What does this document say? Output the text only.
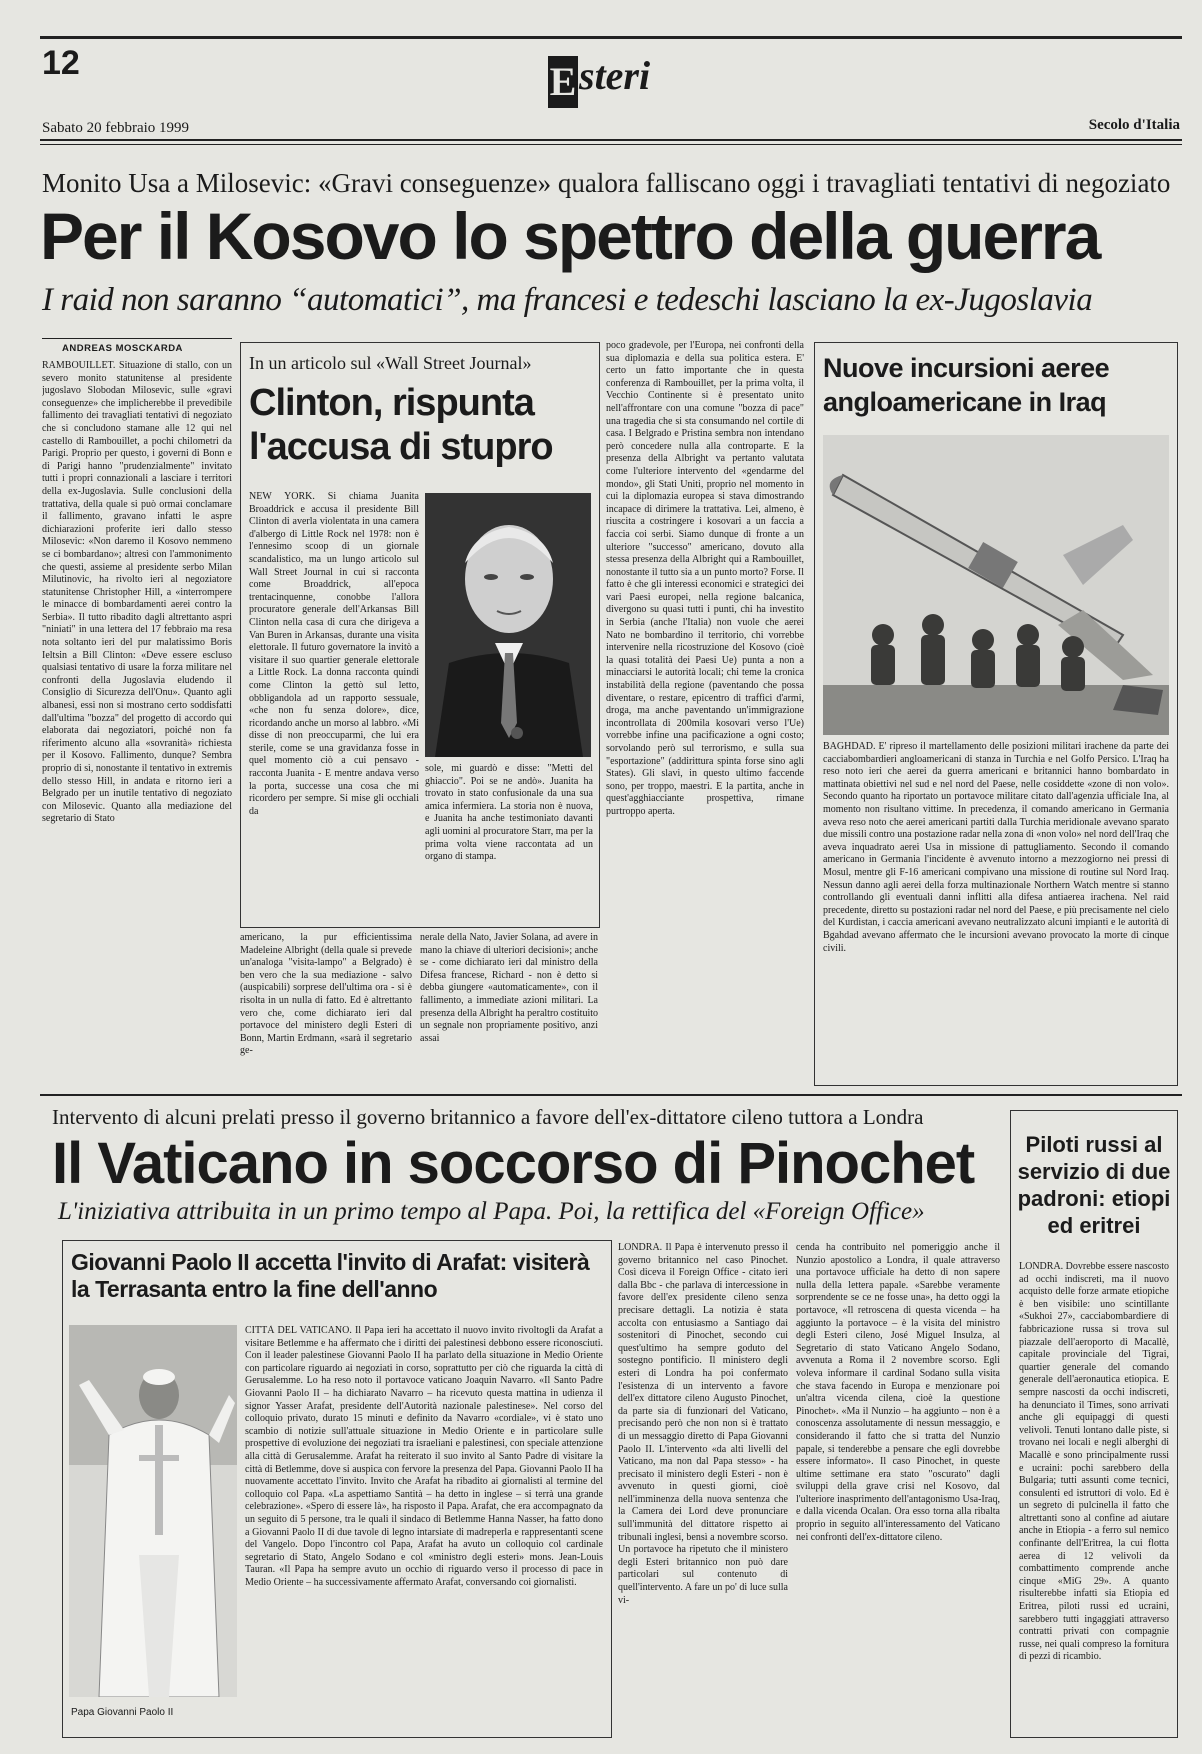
12	Esteri
Sabato 20 febbraio 1999	Secolo d'Italia
Monito Usa a Milosevic: «Gravi conseguenze» qualora falliscano oggi i travagliati tentativi di negoziato
Per il Kosovo lo spettro della guerra
I raid non saranno “automatici”, ma francesi e tedeschi lasciano la ex-Jugoslavia
ANDREAS MOSCKARDA
RAMBOUILLET. Situazione di stallo, con un severo monito statunitense al presidente jugoslavo Slobodan Milosevic, sulle «gravi conseguenze» che implicherebbe il prevedibile fallimento dei travagliati tentativi di negoziato che si concludono stamane alle 12 qui nel castello di Rambouillet, a pochi chilometri da Parigi. Proprio per questo, i governi di Bonn e di Parigi hanno "prudenzialmente" invitato tutti i propri connazionali a lasciare i territori della ex-Jugoslavia. Sulle conclusioni della trattativa, della quale si può ormai conclamare il fallimento, gravano infatti le aspre dichiarazioni proferite ieri dallo stesso Milosevic: «Non daremo il Kosovo nemmeno se ci bombardano»; altresì con l'ammonimento che questi, assieme al presidente serbo Milan Milutinovic, ha rivolto ieri al negoziatore statunitense Christopher Hill, a «interrompere le minacce di bombardamenti aerei contro la Serbia». Il tutto ribadito dagli altrettanto aspri "niniati" in una lettera del 17 febbraio ma resa nota soltanto ieri del pur malatissimo Boris Ieltsin a Bill Clinton: «Deve essere escluso qualsiasi tentativo di usare la forza militare nel confronti della Jugoslavia eludendo il Consiglio di Sicurezza dell'Onu». Quanto agli albanesi, essi non si mostrano certo soddisfatti dall'ultima "bozza" del progetto di accordo qui elaborata dai negoziatori, poiché non fa riferimento alcuno alla «sovranità» richiesta per il Kosovo. Fallimento, dunque? Sembra proprio di sì, nonostante il tentativo in extremis dello stesso Hill, in andata e ritorno ieri a Belgrado per un inutile tentativo di negoziato con Milosevic. Quanto alla mediazione del segretario di Stato
In un articolo sul «Wall Street Journal»
Clinton, rispunta l'accusa di stupro
NEW YORK. Si chiama Juanita Broaddrick e accusa il presidente Bill Clinton di averla violentata in una camera d'albergo di Little Rock nel 1978: non è l'ennesimo scoop di un giornale scandalistico, ma un lungo articolo sul Wall Street Journal in cui si racconta come Broaddrick, all'epoca trentacinquenne, conobbe l'allora procuratore generale dell'Arkansas Bill Clinton nella casa di cura che dirigeva a Van Buren in Arkansas, durante una visita elettorale. Il futuro governatore la invitò a visitare il suo quartier generale elettorale a Little Rock. La donna racconta quindi come Clinton la gettò sul letto, obbligandola ad un rapporto sessuale, «che non fu senza dolore», dice, ricordando anche un morso al labbro. «Mi disse di non preoccuparmi, che lui era sterile, come se una gravidanza fosse in quel momento ciò a cui pensavo - racconta Juanita - E mentre andava verso la porta, successe una cosa che mi ricordero per sempre. Si mise gli occhiali da
sole, mi guardò e disse: "Metti del ghiaccio". Poi se ne andò». Juanita ha trovato in stato confusionale da una sua amica infermiera. La storia non è nuova, e Juanita ha anche testimoniato davanti agli uomini al procuratore Starr, ma per la prima volta viene raccontata ad un organo di stampa.
americano, la pur efficientissima Madeleine Albright (della quale si prevede un'analoga "visita-lampo" a Belgrado) è ben vero che la sua mediazione - salvo (auspicabili) sorprese dell'ultima ora - si è risolta in un nulla di fatto. Ed è altrettanto vero che, come dichiarato ieri dal portavoce del ministero degli Esteri di Bonn, Martin Erdmann, «sarà il segretario ge-
nerale della Nato, Javier Solana, ad avere in mano la chiave di ulteriori decisioni»; anche se - come dichiarato ieri dal ministro della Difesa francese, Richard - non è detto si debba giungere «automaticamente», con il fallimento, a immediate azioni militari. La presenza della Albright ha peraltro costituito un segnale non propriamente positivo, anzi assai
poco gradevole, per l'Europa, nei confronti della sua diplomazia e della sua politica estera. E' certo un fatto importante che in questa conferenza di Rambouillet, per la prima volta, il Vecchio Continente si è presentato unito nell'affrontare con una comune "bozza di pace" una tragedia che si sta consumando nel cortile di casa. I Belgrado e Pristina sembra non intendano però concedere nulla alla controparte. E la presenza della Albright va pertanto valutata come l'ulteriore intervento del «gendarme del mondo», gli Stati Uniti, proprio nel momento in cui la diplomazia europea si stava dimostrando incapace di dirimere la trattativa. Lei, almeno, è riuscita a costringere i kosovari a un faccia a faccia coi serbi. Siamo dunque di fronte a un ulteriore "successo" americano, dovuto alla stessa presenza della Albright qui a Rambouillet, nonostante il tutto sia a un punto morto? Forse. Il fatto è che gli interessi economici e strategici dei vari Paesi europei, nella regione balcanica, divergono su quasi tutti i punti, chi ha investito in Serbia (anche l'Italia) non vuole che aerei Nato ne bombardino il territorio, chi vorrebbe intervenire nella ricostruzione del Kosovo (cioè la quasi totalità dei Paesi Ue) punta a non a minacciarsi le autorità locali; chi teme la cronica instabilità della regione (paventando che possa diventare, o restare, epicentro di traffici d'armi, droga, ma anche paventando un'immigrazione incontrollata di 200mila kosovari verso l'Ue) vorrebbe infine una pacificazione a ogni costo; sorvolando però sul terrorismo, e sulla sua "esportazione" (addirittura spinta forse sino agli States). Gli slavi, in questo ultimo faccende sono, per troppo, maestri. E la partita, anche in quest'agghiacciante prospettiva, rimane purtroppo aperta.
Nuove incursioni aeree angloamericane in Iraq
BAGHDAD. E' ripreso il martellamento delle posizioni militari irachene da parte dei cacciabombardieri angloamericani di stanza in Turchia e nel Golfo Persico. L'Iraq ha reso noto ieri che aerei da guerra americani e britannici hanno bombardato in mattinata obiettivi nel sud e nel nord del Paese, nelle cosiddette «zone di non volo». Secondo quanto ha riportato un portavoce militare citato dall'agenzia ufficiale Ina, al momento non risultano vittime. In precedenza, il comando americano in Germania aveva reso noto che aerei americani partiti dalla Turchia meridionale avevano sparato due missili contro una postazione radar nella zona di «non volo» nel nord dell'Iraq che aveva inquadrato aerei Usa in missione di pattugliamento. Secondo il comando americano in Germania l'incidente è avvenuto intorno a mezzogiorno nei pressi di Mosul, mentre gli F-16 americani compivano una missione di routine sul Nord Iraq. Nessun danno agli aerei della forza multinazionale Northern Watch mentre si stanno controllando gli eventuali danni inflitti alla difesa antiaerea irachena. Nel raid precedente, diretto su postazioni radar nel nord del Paese, e più precisamente nel cielo del Kurdistan, i caccia americani avevano neutralizzato alcuni impianti e le autorità di Bgahdad avevano affermato che le incursioni avevano provocato la morte di cinque civili.
Intervento di alcuni prelati presso il governo britannico a favore dell'ex-dittatore cileno tuttora a Londra
Il Vaticano in soccorso di Pinochet
L'iniziativa attribuita in un primo tempo al Papa. Poi, la rettifica del «Foreign Office»
LONDRA. Il Papa è intervenuto presso il governo britannico nel caso Pinochet. Così diceva il Foreign Office - citato ieri dalla Bbc - che parlava di intercessione in favore dell'ex presidente cileno senza precisare dettagli. La notizia è stata accolta con entusiasmo a Santiago dai sostenitori di Pinochet, secondo cui quest'ultimo ha sempre goduto del sostegno pontificio. Il ministero degli esteri di Londra ha poi confermato l'esistenza di un intervento a favore dell'ex dittatore cileno Augusto Pinochet, da parte sia di funzionari del Vaticano, precisando però che non non si è trattato di un messaggio diretto di Papa Giovanni Paolo II. L'intervento «da alti livelli del Vaticano, ma non dal Papa stesso» - ha precisato il ministero degli Esteri - non è avvenuto in questi giorni, cioè nell'imminenza della nuova sentenza che la Camera dei Lord deve pronunciare sull'immunità del dittatore rispetto ai tribunali inglesi, bensì a novembre scorso. Un portavoce ha ripetuto che il ministero degli Esteri britannico non può dare particolari sul contenuto di quell'intervento. A fare un po' di luce sulla vi-
cenda ha contribuito nel pomeriggio anche il Nunzio apostolico a Londra, il quale attraverso una portavoce ufficiale ha detto di non sapere nulla della lettera papale. «Sarebbe veramente sorprendente se ce ne fosse una», ha detto oggi la portavoce, «Il retroscena di questa vicenda – ha aggiunto la portavoce – è la visita del ministro degli Esteri cileno, José Miguel Insulza, al Segretario di stato Vaticano Angelo Sodano, avvenuta a Roma il 2 novembre scorso. Egli voleva informare il cardinal Sodano sulla visita che stava facendo in Europa e menzionare poi un'altra vicenda cilena, cioè la questione Pinochet». «Ma il Nunzio – ha aggiunto – non è a conoscenza assolutamente di nessun messaggio, e considerando il fatto che si tratta del Nunzio papale, si tenderebbe a pensare che egli dovrebbe essere informato». Il caso Pinochet, in queste ultime settimane era stato "oscurato" dagli sviluppi della grave crisi nel Kosovo, dal l'ulteriore inasprimento dell'antagonismo Usa-Iraq, e dalla vicenda Ocalan. Ora esso torna alla ribalta proprio in seguito all'interessamento del Vaticano nei confronti dell'ex-dittatore cileno.
Giovanni Paolo II accetta l'invito di Arafat: visiterà la Terrasanta entro la fine dell'anno
Papa Giovanni Paolo II
CITTÀ DEL VATICANO. Il Papa ieri ha accettato il nuovo invito rivoltogli da Arafat a visitare Betlemme e ha affermato che i diritti dei palestinesi debbono essere riconosciuti. Con il leader palestinese Giovanni Paolo II ha parlato della situazione in Medio Oriente con particolare riguardo ai negoziati in corso, soprattutto per ciò che riguarda la città di Gerusalemme. Lo ha reso noto il portavoce vaticano Joaquin Navarro. «Il Santo Padre Giovanni Paolo II – ha dichiarato Navarro – ha ricevuto questa mattina in udienza il signor Yasser Arafat, presidente dell'Autorità nazionale palestinese». Nel corso del colloquio privato, durato 15 minuti e definito da Navarro «cordiale», vi è stato uno scambio di notizie sull'attuale situazione in Medio Oriente e in particolare sulle prospettive di evoluzione dei negoziati tra israeliani e palestinesi, con speciale attenzione alla città di Gerusalemme. Arafat ha reiterato il suo invito al Santo Padre di visitare la città di Betlemme, dove si auspica con fervore la presenza del Papa. Giovanni Paolo II ha nuovamente accettato l'invito. Invito che Arafat ha ribadito ai giornalisti al termine del colloquio col Papa. «La aspettiamo Santità – ha detto in inglese – si terrà una grande celebrazione». «Spero di essere là», ha risposto il Papa. Arafat, che era accompagnato da un seguito di 5 persone, tra le quali il sindaco di Betlemme Hanna Nasser, ha fatto dono a Giovanni Paolo II di due tavole di legno intarsiate di madreperla e rappresentanti scene del Vangelo. Dopo l'incontro col Papa, Arafat ha avuto un colloquio col cardinale segretario di Stato, Angelo Sodano e col «ministro degli esteri» mons. Jean-Louis Tauran. «Il Papa ha sempre avuto un occhio di riguardo verso il processo di pace in Medio Oriente – ha successivamente affermato Arafat, conversando coi giornalisti.
Piloti russi al servizio di due padroni: etiopi ed eritrei
LONDRA. Dovrebbe essere nascosto ad occhi indiscreti, ma il nuovo acquisto delle forze armate etiopiche è ben visibile: uno scintillante «Sukhoi 27», cacciabombardiere di fabbricazione russa si trova sul piazzale dell'aeroporto di Macallè, capitale provinciale del Tigrai, quartier generale del comando generale dell'aeronautica etiopica. E sempre nascosti da occhi indiscreti, ha denunciato il Times, sono arrivati anche gli equipaggi di questi velivoli. Tenuti lontano dalle piste, si trovano nei locali e negli alberghi di Macallè e sono principalmente russi e ucraini: pochi sarebbero della Bulgaria; tutti assunti come tecnici, consulenti ed istruttori di volo. Ed è un segreto di pulcinella il fatto che altrettanti sono al confine ad aiutare anche in Etiopia - a ferro sul nemico confinante dell'Eritrea, la cui flotta aerea di 12 velivoli da combattimento comprende anche cinque «MiG 29». A quanto risulterebbe infatti sia Etiopia ed Eritrea, piloti russi ed ucraini, sarebbero tutti ingaggiati attraverso contratti privati con compagnie russe, nei quali compreso la fornitura di pezzi di ricambio.
